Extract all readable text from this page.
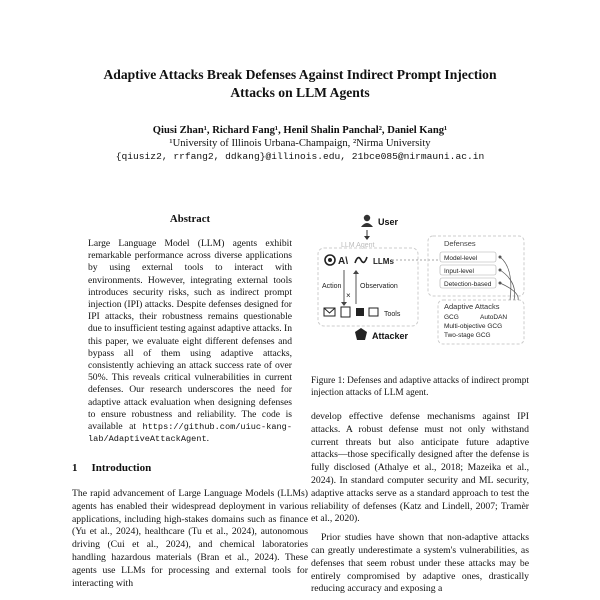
Adaptive Attacks Break Defenses Against Indirect Prompt Injection
Attacks on LLM Agents
Qiusi Zhan¹, Richard Fang¹, Henil Shalin Panchal², Daniel Kang¹
¹University of Illinois Urbana-Champaign, ²Nirma University
{qiusiz2, rrfang2, ddkang}@illinois.edu, 21bce085@nirmauni.ac.in
Abstract
Large Language Model (LLM) agents exhibit remarkable performance across diverse applications by using external tools to interact with environments. However, integrating external tools introduces security risks, such as indirect prompt injection (IPI) attacks. Despite defenses designed for IPI attacks, their robustness remains questionable due to insufficient testing against adaptive attacks. In this paper, we evaluate eight different defenses and bypass all of them using adaptive attacks, consistently achieving an attack success rate of over 50%. This reveals critical vulnerabilities in current defenses. Our research underscores the need for adaptive attack evaluation when designing defenses to ensure robustness and reliability. The code is available at https://github.com/uiuc-kang-lab/AdaptiveAttackAgent.
1 Introduction
The rapid advancement of Large Language Models (LLMs) agents has enabled their widespread deployment in various applications, including high-stakes domains such as finance (Yu et al., 2024), healthcare (Tu et al., 2024), autonomous driving (Cui et al., 2024), and chemical laboratories handling hazardous materials (Bran et al., 2024). These agents use LLMs for processing and external tools for interacting with
User
LLM Agent
A\	LLMs
Action	Observation
×
Tools
Attacker
Defenses
Model-level
Input-level
Detection-based
Adaptive Attacks
GCG	AutoDAN
Multi-objective GCG
Two-stage GCG
Figure 1: Defenses and adaptive attacks of indirect prompt injection attacks of LLM agent.

develop effective defense mechanisms against IPI attacks. A robust defense must not only withstand current threats but also anticipate future adaptive attacks—those specifically designed after the defense is fully disclosed (Athalye et al., 2018; Mazeika et al., 2024). In standard computer security and ML security, adaptive attacks serve as a standard approach to test the reliability of defenses (Katz and Lindell, 2007; Tramèr et al., 2020).

Prior studies have shown that non-adaptive attacks can greatly underestimate a system's vulnerabilities, as defenses that seem robust under these attacks may be entirely compromised by adaptive ones, drastically reducing accuracy and exposing a
